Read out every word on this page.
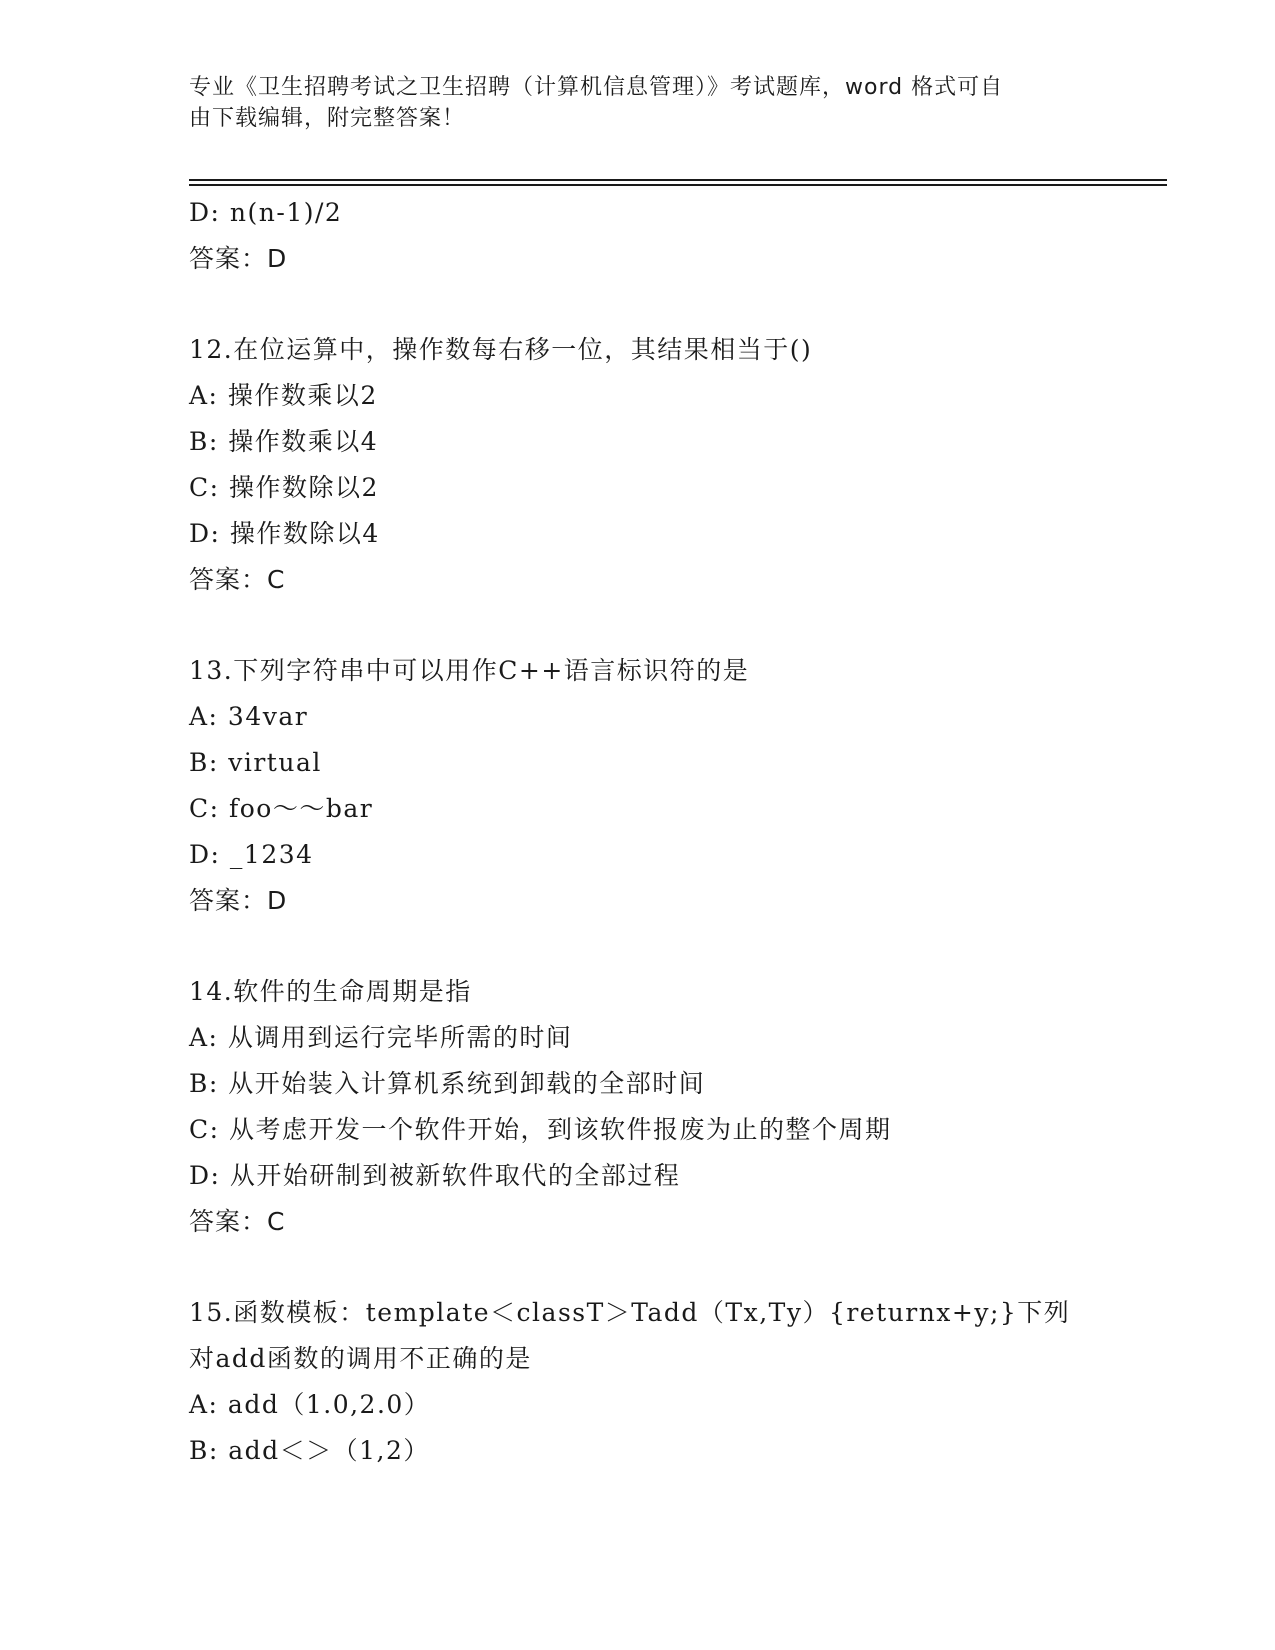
专业《卫生招聘考试之卫生招聘（计算机信息管理）》考试题库，word 格式可自
由下载编辑，附完整答案！
D: n(n-1)/2
答案：D
12.在位运算中，操作数每右移一位，其结果相当于()
A: 操作数乘以2
B: 操作数乘以4
C: 操作数除以2
D: 操作数除以4
答案：C
13.下列字符串中可以用作C++语言标识符的是
A: 34var
B: virtual
C: foo～～bar
D: _1234
答案：D
14.软件的生命周期是指
A: 从调用到运行完毕所需的时间
B: 从开始装入计算机系统到卸载的全部时间
C: 从考虑开发一个软件开始，到该软件报废为止的整个周期
D: 从开始研制到被新软件取代的全部过程
答案：C
15.函数模板：template＜classT＞Tadd（Tx,Ty）{returnx+y;}下列
对add函数的调用不正确的是
A: add（1.0,2.0）
B: add＜＞（1,2）
